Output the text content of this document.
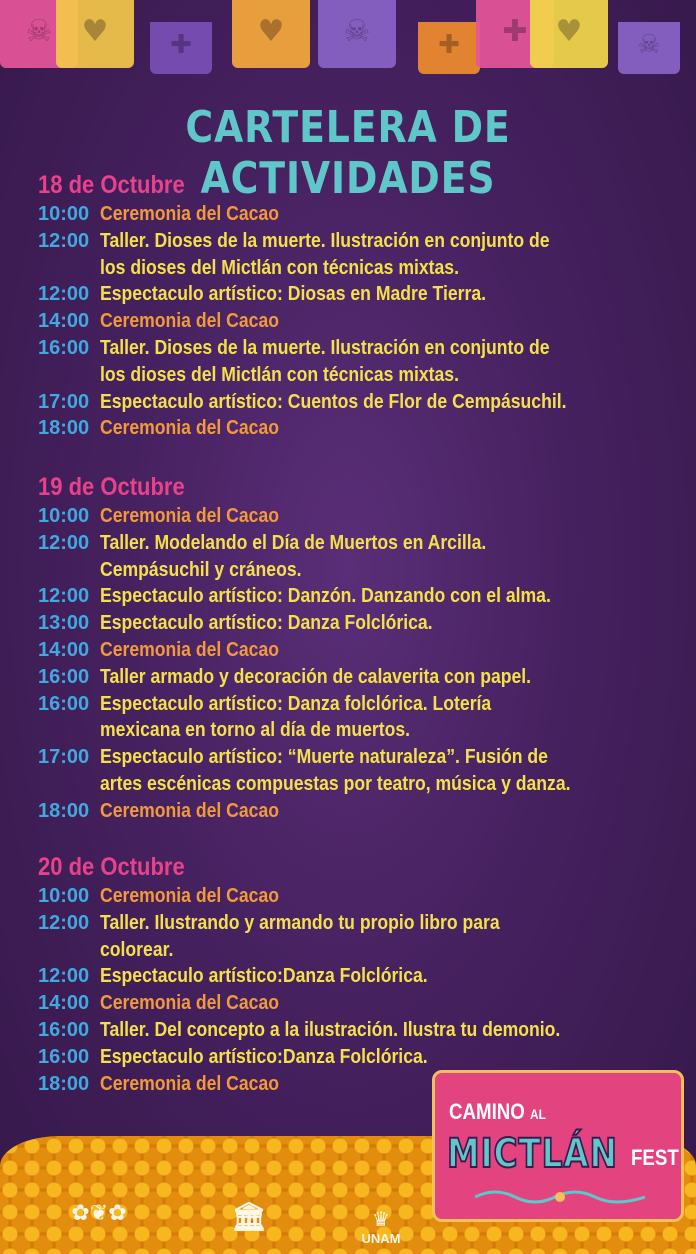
☠ ♥	✚	♥	☠	✚	✚ ♥	☠
CARTELERA DE ACTIVIDADES
18 de Octubre
10:00 Ceremonia del Cacao
12:00 Taller. Dioses de la muerte. Ilustración en conjunto de
los dioses del Mictlán con técnicas mixtas.
12:00 Espectaculo artístico: Diosas en Madre Tierra.
14:00 Ceremonia del Cacao
16:00 Taller. Dioses de la muerte. Ilustración en conjunto de
los dioses del Mictlán con técnicas mixtas.
17:00 Espectaculo artístico: Cuentos de Flor de Cempásuchil.
18:00 Ceremonia del Cacao
19 de Octubre
10:00 Ceremonia del Cacao
12:00 Taller. Modelando el Día de Muertos en Arcilla.
Cempásuchil y cráneos.
12:00 Espectaculo artístico: Danzón. Danzando con el alma.
13:00 Espectaculo artístico: Danza Folclórica.
14:00 Ceremonia del Cacao
16:00 Taller armado y decoración de calaverita con papel.
16:00 Espectaculo artístico: Danza folclórica. Lotería
mexicana en torno al día de muertos.
17:00 Espectaculo artístico: “Muerte naturaleza”. Fusión de
artes escénicas compuestas por teatro, música y danza.
18:00 Ceremonia del Cacao
20 de Octubre
10:00 Ceremonia del Cacao
12:00 Taller. Ilustrando y armando tu propio libro para
colorear.
12:00 Espectaculo artístico:Danza Folclórica.
14:00 Ceremonia del Cacao
16:00 Taller. Del concepto a la ilustración. Ilustra tu demonio.
16:00 Espectaculo artístico:Danza Folclórica.
18:00 Ceremonia del Cacao
✿❦✿	🏛	♛
UNAM
CAMINO AL
MICTLÁN FEST
